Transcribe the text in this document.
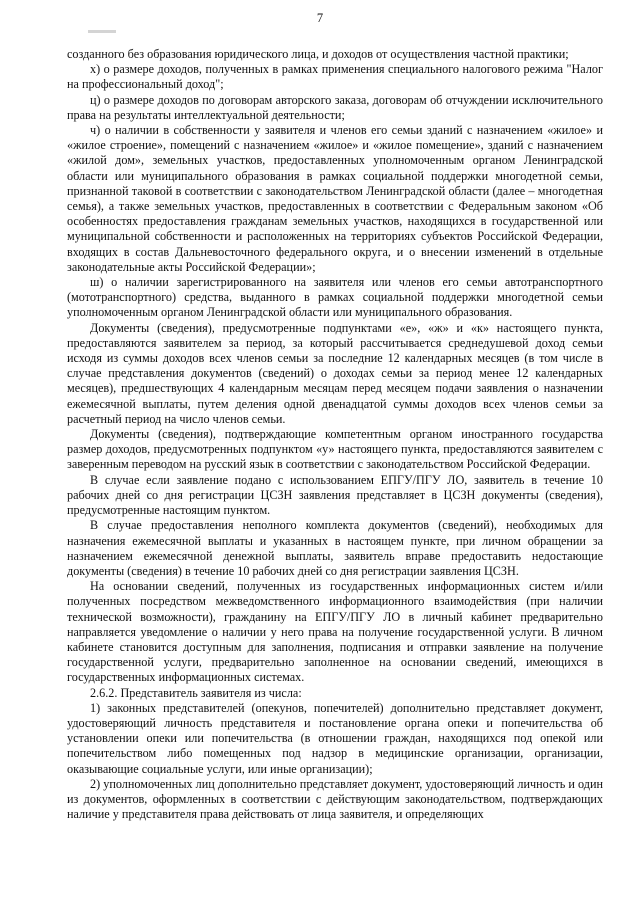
7

созданного без образования юридического лица, и доходов от осуществления частной практики;

х) о размере доходов, полученных в рамках применения специального налогового режима "Налог на профессиональный доход";

ц) о размере доходов по договорам авторского заказа, договорам об отчуждении исключительного права на результаты интеллектуальной деятельности;

ч) о наличии в собственности у заявителя и членов его семьи зданий с назначением «жилое» и «жилое строение», помещений с назначением «жилое» и «жилое помещение», зданий с назначением «жилой дом», земельных участков, предоставленных уполномоченным органом Ленинградской области или муниципального образования в рамках социальной поддержки многодетной семьи, признанной таковой в соответствии с законодательством Ленинградской области (далее – многодетная семья), а также земельных участков, предоставленных в соответствии с Федеральным законом «Об особенностях предоставления гражданам земельных участков, находящихся в государственной или муниципальной собственности и расположенных на территориях субъектов Российской Федерации, входящих в состав Дальневосточного федерального округа, и о внесении изменений в отдельные законодательные акты Российской Федерации»;

ш) о наличии зарегистрированного на заявителя или членов его семьи автотранспортного (мототранспортного) средства, выданного в рамках социальной поддержки многодетной семьи уполномоченным органом Ленинградской области или муниципального образования.

Документы (сведения), предусмотренные подпунктами «е», «ж» и «к» настоящего пункта, предоставляются заявителем за период, за который рассчитывается среднедушевой доход семьи исходя из суммы доходов всех членов семьи за последние 12 календарных месяцев (в том числе в случае представления документов (сведений) о доходах семьи за период менее 12 календарных месяцев), предшествующих 4 календарным месяцам перед месяцем подачи заявления о назначении ежемесячной выплаты, путем деления одной двенадцатой суммы доходов всех членов семьи за расчетный период на число членов семьи.

Документы (сведения), подтверждающие компетентным органом иностранного государства размер доходов, предусмотренных подпунктом «у» настоящего пункта, предоставляются заявителем с заверенным переводом на русский язык в соответствии с законодательством Российской Федерации.

В случае если заявление подано с использованием ЕПГУ/ПГУ ЛО, заявитель в течение 10 рабочих дней со дня регистрации ЦСЗН заявления представляет в ЦСЗН документы (сведения), предусмотренные настоящим пунктом.

В случае предоставления неполного комплекта документов (сведений), необходимых для назначения ежемесячной выплаты и указанных в настоящем пункте, при личном обращении за назначением ежемесячной денежной выплаты, заявитель вправе предоставить недостающие документы (сведения) в течение 10 рабочих дней со дня регистрации заявления ЦСЗН.

На основании сведений, полученных из государственных информационных систем и/или полученных посредством межведомственного информационного взаимодействия (при наличии технической возможности), гражданину на ЕПГУ/ПГУ ЛО в личный кабинет предварительно направляется уведомление о наличии у него права на получение государственной услуги. В личном кабинете становится доступным для заполнения, подписания и отправки заявление на получение государственной услуги, предварительно заполненное на основании сведений, имеющихся в государственных информационных системах.

2.6.2. Представитель заявителя из числа:

1) законных представителей (опекунов, попечителей) дополнительно представляет документ, удостоверяющий личность представителя и постановление органа опеки и попечительства об установлении опеки или попечительства (в отношении граждан, находящихся под опекой или попечительством либо помещенных под надзор в медицинские организации, организации, оказывающие социальные услуги, или иные организации);

2) уполномоченных лиц дополнительно представляет документ, удостоверяющий личность и один из документов, оформленных в соответствии с действующим законодательством, подтверждающих наличие у представителя права действовать от лица заявителя, и определяющих
